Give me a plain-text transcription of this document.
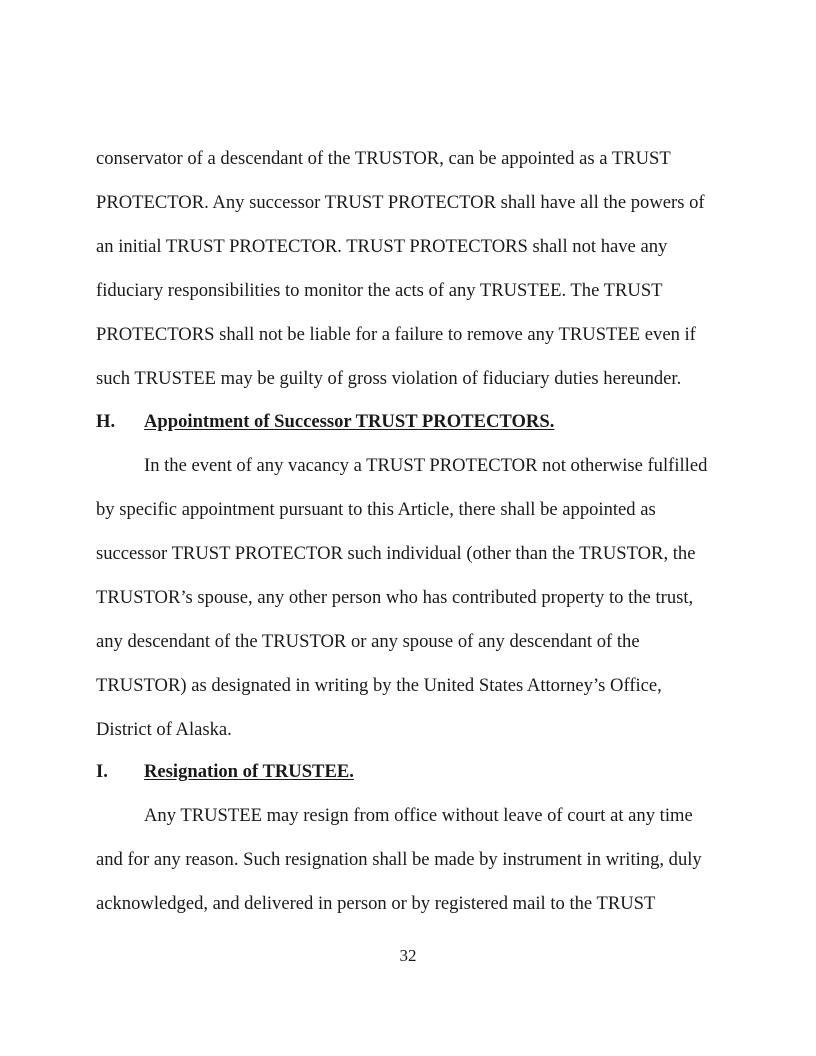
conservator of a descendant of the TRUSTOR, can be appointed as a TRUST
PROTECTOR. Any successor TRUST PROTECTOR shall have all the powers of
an initial TRUST PROTECTOR. TRUST PROTECTORS shall not have any
fiduciary responsibilities to monitor the acts of any TRUSTEE. The TRUST
PROTECTORS shall not be liable for a failure to remove any TRUSTEE even if
such TRUSTEE may be guilty of gross violation of fiduciary duties hereunder.
H. Appointment of Successor TRUST PROTECTORS.
In the event of any vacancy a TRUST PROTECTOR not otherwise fulfilled
by specific appointment pursuant to this Article, there shall be appointed as
successor TRUST PROTECTOR such individual (other than the TRUSTOR, the
TRUSTOR’s spouse, any other person who has contributed property to the trust,
any descendant of the TRUSTOR or any spouse of any descendant of the
TRUSTOR) as designated in writing by the United States Attorney’s Office,
District of Alaska.
I. Resignation of TRUSTEE.
Any TRUSTEE may resign from office without leave of court at any time
and for any reason. Such resignation shall be made by instrument in writing, duly
acknowledged, and delivered in person or by registered mail to the TRUST
32
